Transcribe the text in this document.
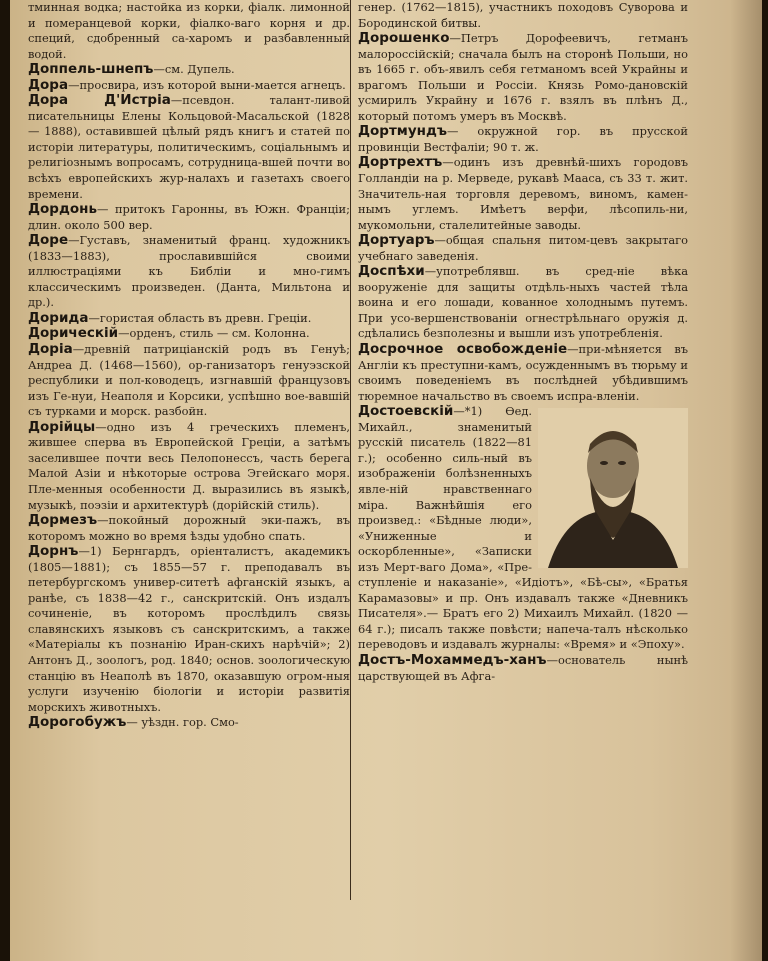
тминная водка; настойка из корки, фіалк. лимонной и померанцевой корки, фіалко-ваго корня и др. специй, сдобренный са-харомъ и разбавленный водой.
Доппель-шнепъ—см. Дупель.
Дора—просвира, изъ которой выни-мается агнецъ.
Дора Д'Истріа—псевдон. талант-ливой писательницы Елены Кольцовой-Масальской (1828 — 1888), оставившей цѣлый рядъ книгъ и статей по исторіи литературы, политическимъ, соціальнымъ и религіознымъ вопросамъ, сотрудница-вшей почти во всѣхъ европейскихъ жур-налахъ и газетахъ своего времени.
Дордонь— притокъ Гаронны, въ Южн. Франціи; длин. около 500 вер.
Доре—Густавъ, знаменитый франц. художникъ (1833—1883), прославившійся своими иллюстраціями къ Библіи и мно-гимъ классическимъ произведен. (Данта, Мильтона и др.).
Дорида—гористая область въ древн. Греціи.
Дорическій—орденъ, стиль — см. Колонна.
Доріа—древній патриціанскій родъ въ Генуѣ; Андреа Д. (1468—1560), ор-ганизаторъ генуэзской республики и пол-ководецъ, изгнавшій французовъ изъ Ге-нуи, Неаполя и Корсики, успѣшно вое-вавшій съ турками и морск. разбойн.
Дорійцы—одно изъ 4 греческихъ племенъ, жившее сперва въ Европейской Греціи, а затѣмъ заселившее почти весь Пелопонессъ, часть берега Малой Азіи и нѣкоторые острова Эгейскаго моря. Пле-менныя особенности Д. выразились въ языкѣ, музыкѣ, поэзіи и архитектурѣ (дорійскій стиль).
Дормезъ—покойный дорожный эки-пажъ, въ которомъ можно во время ѣзды удобно спать.
Дорнъ—1) Бернгардъ, оріенталистъ, академикъ (1805—1881); съ 1855—57 г. преподавалъ въ петербургскомъ универ-ситетѣ афганскій языкъ, а ранѣе, съ 1838—42 г., санскритскій. Онъ издалъ сочиненіе, въ которомъ прослѣдилъ связь славянскихъ языковъ съ санскритскимъ, а также «Матеріалы къ познанію Иран-скихъ нарѣчій»; 2) Антонъ Д., зоологъ, род. 1840; основ. зоологическую станцію въ Неаполѣ въ 1870, оказавшую огром-ныя услуги изученію біологіи и исторіи развитія морскихъ животныхъ.
Дорогобужъ— уѣздн. гор. Смо-
генер. (1762—1815), участникъ походовъ Суворова и Бородинской битвы.
Дорошенко—Петръ Дорофеевичъ, гетманъ малороссійскій; сначала былъ на сторонѣ Польши, но въ 1665 г. объ-явилъ себя гетманомъ всей Украйны и врагомъ Польши и Россіи. Князь Ромо-дановскій усмирилъ Украйну и 1676 г. взялъ въ плѣнъ Д., который потомъ умеръ въ Москвѣ.
Дортмундъ— окружной гор. въ прусской провинціи Вестфаліи; 90 т. ж.
Дортрехтъ—одинъ изъ древнѣй-шихъ городовъ Голландіи на р. Мерведе, рукавѣ Мааса, съ 33 т. жит. Значитель-ная торговля деревомъ, виномъ, камен-нымъ углемъ. Имѣетъ верфи, лѣсопиль-ни, мукомольни, сталелитейные заводы.
Дортуаръ—общая спальня питом-цевъ закрытаго учебнаго заведенія.
Доспѣхи—употреблявш. въ сред-ніе вѣка вооруженіе для защиты отдѣль-ныхъ частей тѣла воина и его лошади, кованное холоднымъ путемъ. При усо-вершенствованіи огнестрѣльнаго оружія д. сдѣлались безполезны и вышли изъ употребленія.
Досрочное освобожденіе—при-мѣняется въ Англіи къ преступни-камъ, осужденнымъ въ тюрьму и своимъ поведеніемъ въ послѣдней убѣдившимъ тюремное начальство въ своемъ испра-вленіи.
Достоевскій—*1) Ѳед. Михайл., знаменитый русскій писатель (1822—81 г.); особенно силь-ный въ изображеніи болѣзненныхъ явле-ній нравственнаго міра. Важнѣйшія его произвед.: «Бѣдные люди», «Униженные и оскорбленные», «Записки изъ Мерт-ваго Дома», «Пре-ступленіе и наказаніе», «Идіотъ», «Бѣ-сы», «Братья Карамазовы» и пр. Онъ издавалъ также «Дневникъ Писателя».— Братъ его 2) Михаилъ Михайл. (1820 —64 г.); писалъ также повѣсти; напеча-талъ нѣсколько переводовъ и издавалъ журналы: «Время» и «Эпоху».
Достъ-Мохаммедъ-ханъ—основатель нынѣ царствующей въ Афга-
